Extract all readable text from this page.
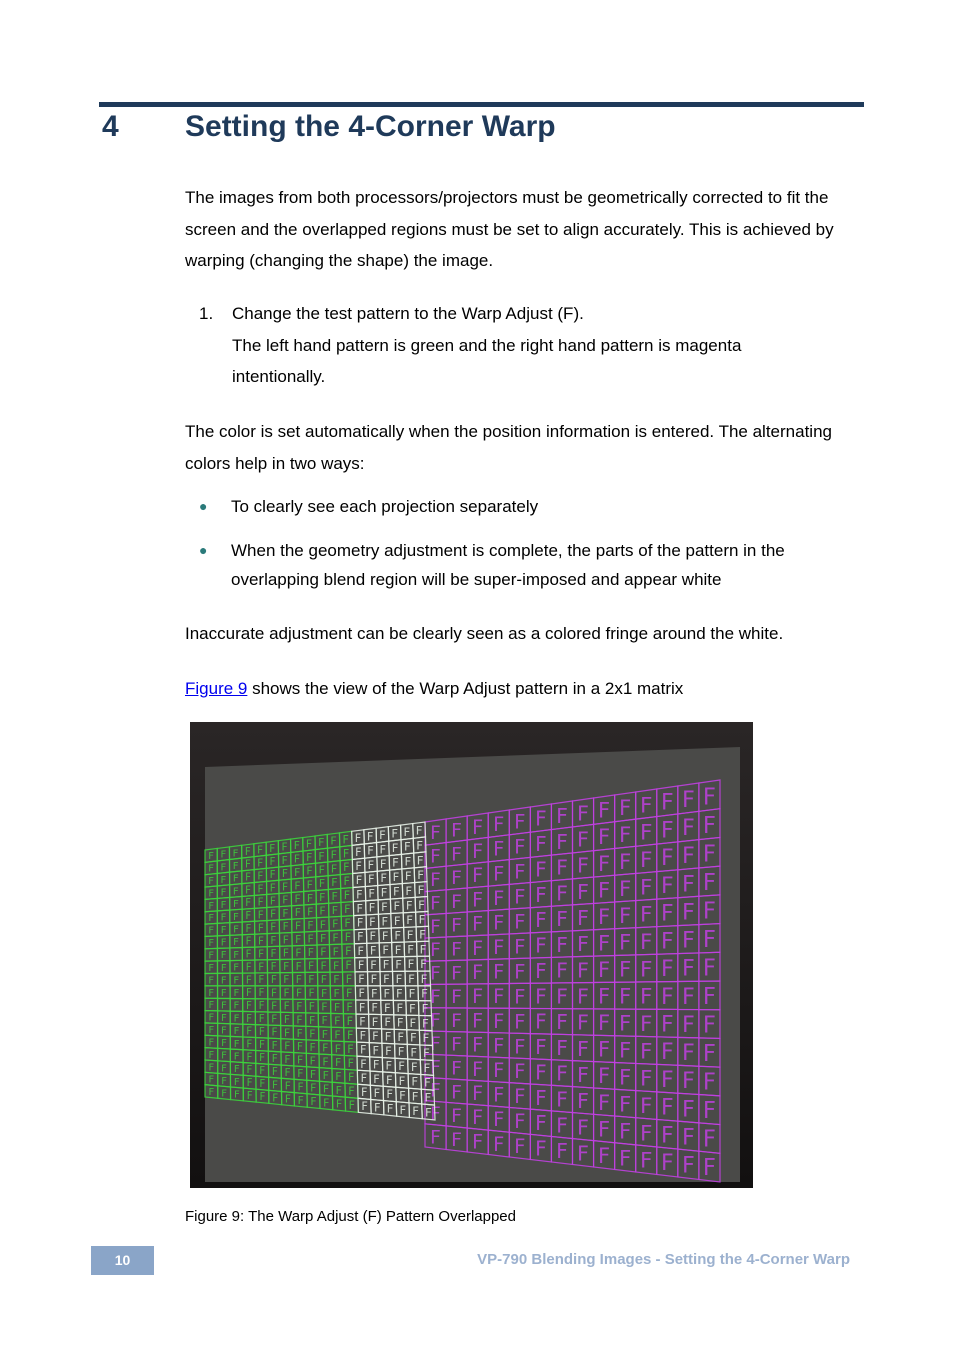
4 Setting the 4-Corner Warp

The images from both processors/projectors must be geometrically corrected to fit the screen and the overlapped regions must be set to align accurately. This is achieved by warping (changing the shape) the image.

1. Change the test pattern to the Warp Adjust (F).
The left hand pattern is green and the right hand pattern is magenta intentionally.

The color is set automatically when the position information is entered. The alternating colors help in two ways:

● To clearly see each projection separately
● When the geometry adjustment is complete, the parts of the pattern in the overlapping blend region will be super-imposed and appear white

Inaccurate adjustment can be clearly seen as a colored fringe around the white.

Figure 9 shows the view of the Warp Adjust pattern in a 2x1 matrix

F F F F F F F F F F F F F F
F F F F F F F F F F F F F F
F F F F F F F F F F F F F F
F F F F F F F F F F F F F F
F F F F F F F F F F F F F F
F F F F F F F F F F F F F F
F F F F F F F F F F F F F F
F F F F F F F F F F F F F F
F F F F F F F F F F F F F F
F F F F F F F F F F F F F F
F F F F F F F F F F F F F F
F F F F F F F F F F F F F F
F F F F F F F F F F F F F F
F F F F F F F F F F F F F F
F F F F F F F F F F F F F F F F F F
F F F F F F F F F F F F F F F F F F
F F F F F F F F F F F F F F F F F F
F F F F F F F F F F F F F F F F F F
F F F F F F F F F F F F F F F F F F
F F F F F F F F F F F F F F F F F F
F F F F F F F F F F F F F F F F F F
F F F F F F F F F F F F F F F F F F
F F F F F F F F F F F F F F F F F F
F F F F F F F F F F F F F F F F F F
F F F F F F F F F F F F F F F F F F
F F F F F F F F F F F F F F F F F F
F F F F F F F F F F F F F F F F F F
F F F F F F F F F F F F F F F F F F
F F F F F F F F F F F F F F F F F F
F F F F F F F F F F F F F F F F F F
F F F F F F F F F F F F F F F F F F
F F F F F F F F F F F F F F F F F F
F F F F F F F F F F F F F F F F F F
F F F F F F F F F F F F F F F F F F
Figure 9: The Warp Adjust (F) Pattern Overlapped
10	VP-790 Blending Images - Setting the 4-Corner Warp
